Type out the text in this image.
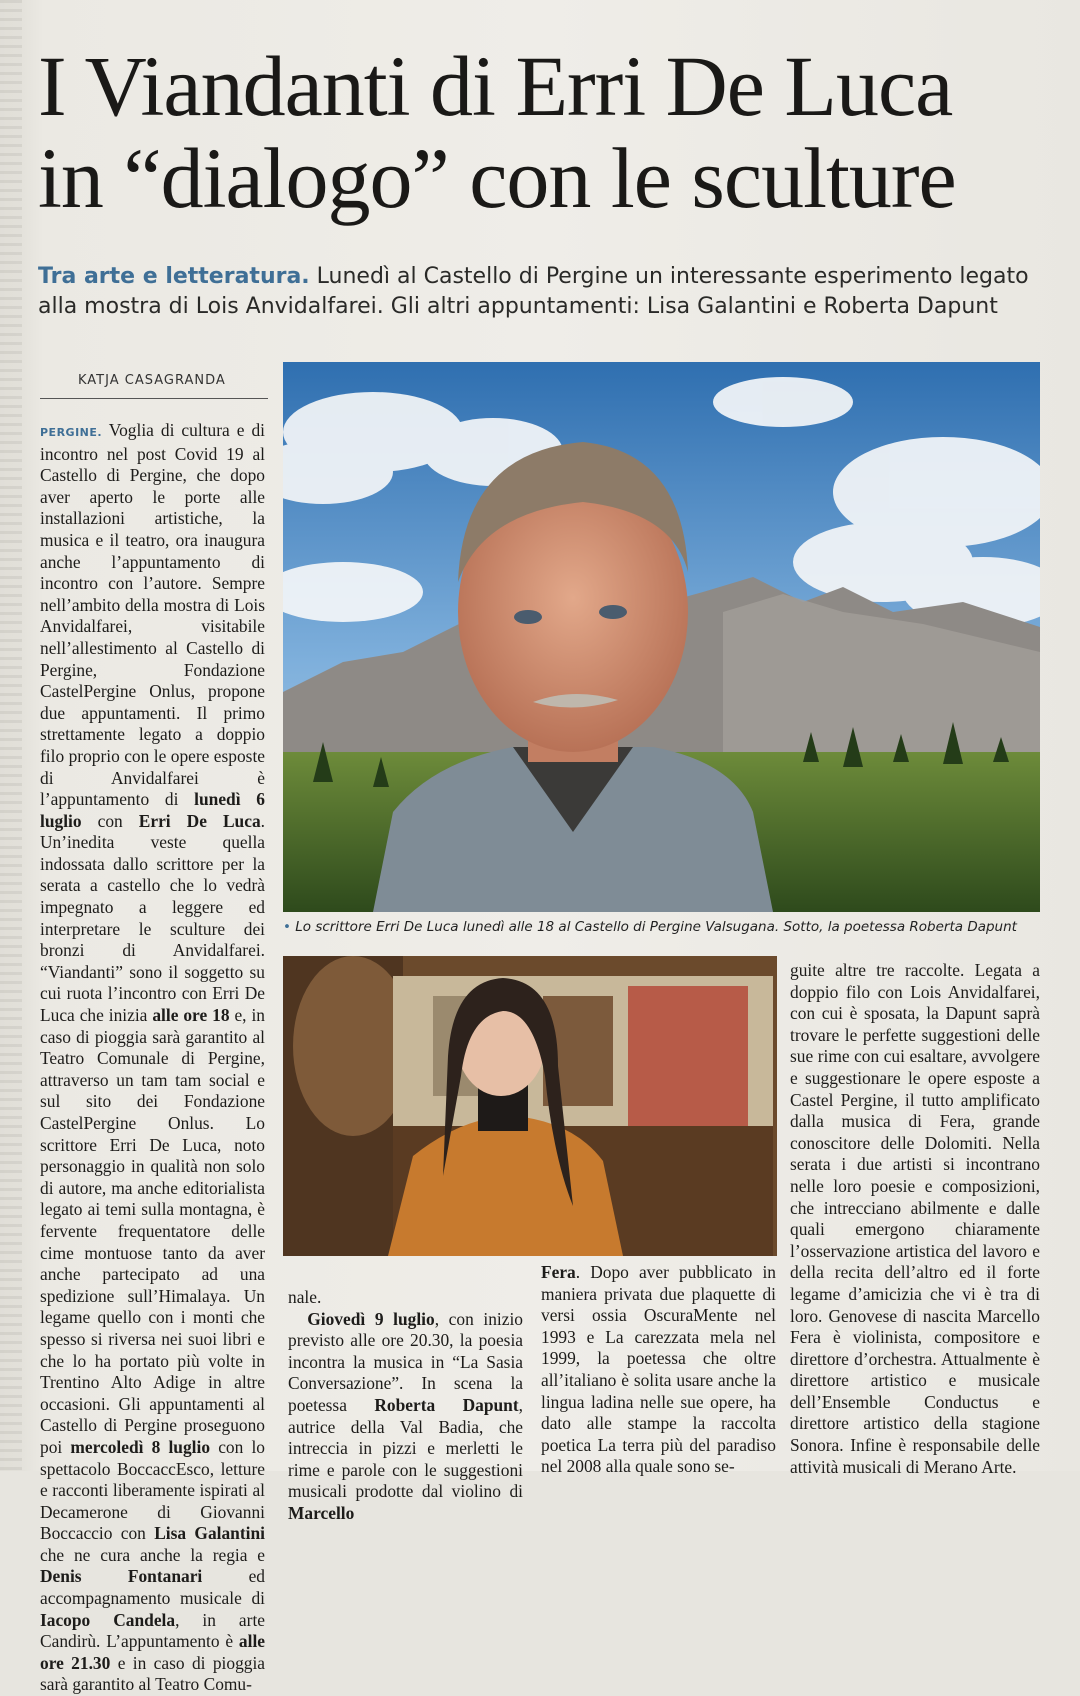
I Viandanti di Erri De Luca
in “dialogo” con le sculture
Tra arte e letteratura. Lunedì al Castello di Pergine un interessante esperimento legato alla mostra di Lois Anvidalfarei. Gli altri appuntamenti: Lisa Galantini e Roberta Dapunt
KATJA CASAGRANDA
PERGINE. Voglia di cultura e di incontro nel post Covid 19 al Castello di Pergine, che dopo aver aperto le porte alle installazioni artistiche, la musica e il teatro, ora inaugura anche l’appuntamento di incontro con l’autore. Sempre nell’ambito della mostra di Lois Anvidalfarei, visitabile nell’allestimento al Castello di Pergine, Fondazione CastelPergine Onlus, propone due appuntamenti. Il primo strettamente legato a doppio filo proprio con le opere esposte di Anvidalfarei è l’appuntamento di lunedì 6 luglio con Erri De Luca. Un’inedita veste quella indossata dallo scrittore per la serata a castello che lo vedrà impegnato a leggere ed interpretare le sculture dei bronzi di Anvidalfarei. “Viandanti” sono il soggetto su cui ruota l’incontro con Erri De Luca che inizia alle ore 18 e, in caso di pioggia sarà garantito al Teatro Comunale di Pergine, attraverso un tam tam social e sul sito dei Fondazione CastelPergine Onlus. Lo scrittore Erri De Luca, noto personaggio in qualità non solo di autore, ma anche editorialista legato ai temi sulla montagna, è fervente frequentatore delle cime montuose tanto da aver anche partecipato ad una spedizione sull’Himalaya. Un legame quello con i monti che spesso si riversa nei suoi libri e che lo ha portato più volte in Trentino Alto Adige in altre occasioni. Gli appuntamenti al Castello di Pergine proseguono poi mercoledì 8 luglio con lo spettacolo BoccaccEsco, letture e racconti liberamente ispirati al Decamerone di Giovanni Boccaccio con Lisa Galantini che ne cura anche la regia e Denis Fontanari ed accompagnamento musicale di Iacopo Candela, in arte Candirù. L’appuntamento è alle ore 21.30 e in caso di pioggia sarà garantito al Teatro Comu-
• Lo scrittore Erri De Luca lunedì alle 18 al Castello di Pergine Valsugana. Sotto, la poetessa Roberta Dapunt
nale.
Giovedì 9 luglio, con inizio previsto alle ore 20.30, la poesia incontra la musica in “La Sasia Conversazione”. In scena la poetessa Roberta Dapunt, autrice della Val Badia, che intreccia in pizzi e merletti le rime e parole con le suggestioni musicali prodotte dal violino di Marcello
Fera. Dopo aver pubblicato in maniera privata due plaquette di versi ossia OscuraMente nel 1993 e La carezzata mela nel 1999, la poetessa che oltre all’italiano è solita usare anche la lingua ladina nelle sue opere, ha dato alle stampe la raccolta poetica La terra più del paradiso nel 2008 alla quale sono se-
guite altre tre raccolte. Legata a doppio filo con Lois Anvidalfarei, con cui è sposata, la Dapunt saprà trovare le perfette suggestioni delle sue rime con cui esaltare, avvolgere e suggestionare le opere esposte a Castel Pergine, il tutto amplificato dalla musica di Fera, grande conoscitore delle Dolomiti. Nella serata i due artisti si incontrano nelle loro poesie e composizioni, che intrecciano abilmente e dalle quali emergono chiaramente l’osservazione artistica del lavoro e della recita dell’altro ed il forte legame d’amicizia che vi è tra di loro. Genovese di nascita Marcello Fera è violinista, compositore e direttore d’orchestra. Attualmente è direttore artistico e musicale dell’Ensemble Conductus e direttore artistico della stagione Sonora. Infine è responsabile delle attività musicali di Merano Arte.
